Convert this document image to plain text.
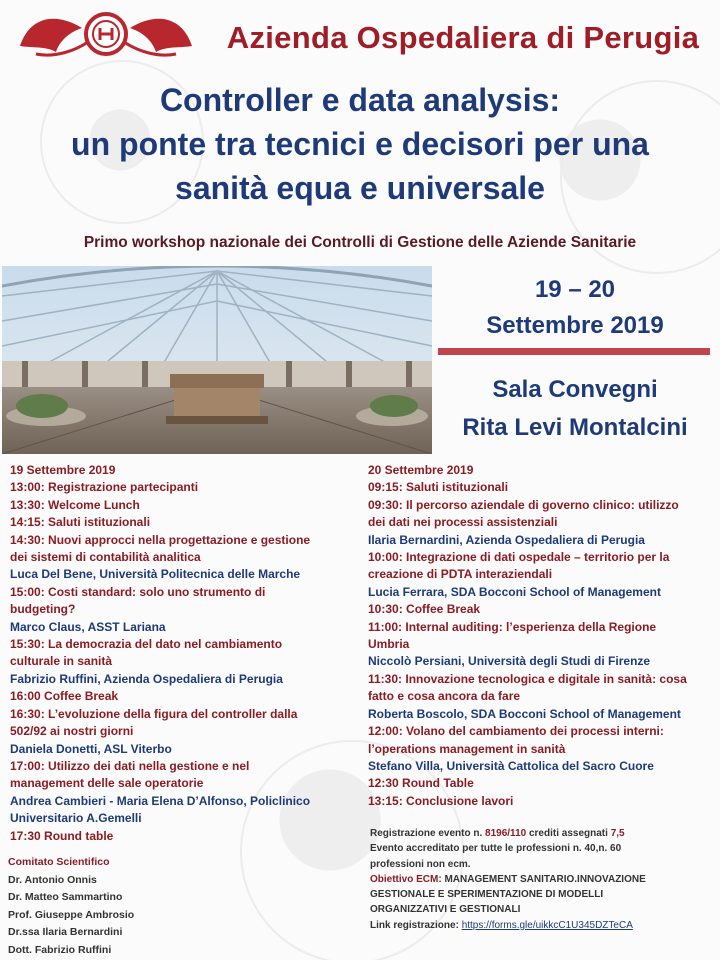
Azienda Ospedaliera di Perugia
Controller e data analysis:
un ponte tra tecnici e decisori per una
sanità equa e universale
Primo workshop nazionale dei Controlli di Gestione delle Aziende Sanitarie
19 – 20
Settembre 2019
Sala Convegni
Rita Levi Montalcini
19 Settembre 2019
13:00: Registrazione partecipanti
13:30: Welcome Lunch
14:15: Saluti istituzionali
14:30: Nuovi approcci nella progettazione e gestione
dei sistemi di contabilità analitica
Luca Del Bene, Università Politecnica delle Marche
15:00: Costi standard: solo uno strumento di
budgeting?
Marco Claus, ASST Lariana
15:30: La democrazia del dato nel cambiamento
culturale in sanità
Fabrizio Ruffini, Azienda Ospedaliera di Perugia
16:00 Coffee Break
16:30: L’evoluzione della figura del controller dalla
502/92 ai nostri giorni
Daniela Donetti, ASL Viterbo
17:00: Utilizzo dei dati nella gestione e nel
management delle sale operatorie
Andrea Cambieri - Maria Elena D’Alfonso, Policlinico
Universitario A.Gemelli
17:30 Round table
20 Settembre 2019
09:15: Saluti istituzionali
09:30: Il percorso aziendale di governo clinico: utilizzo
dei dati nei processi assistenziali
Ilaria Bernardini, Azienda Ospedaliera di Perugia
10:00: Integrazione di dati ospedale – territorio per la
creazione di PDTA interaziendali
Lucia Ferrara, SDA Bocconi School of Management
10:30: Coffee Break
11:00: Internal auditing: l’esperienza della Regione
Umbria
Niccolò Persiani, Università degli Studi di Firenze
11:30: Innovazione tecnologica e digitale in sanità: cosa
fatto e cosa ancora da fare
Roberta Boscolo, SDA Bocconi School of Management
12:00: Volano del cambiamento dei processi interni:
l’operations management in sanità
Stefano Villa, Università Cattolica del Sacro Cuore
12:30 Round Table
13:15: Conclusione lavori
Comitato Scientifico
Dr. Antonio Onnis
Dr. Matteo Sammartino
Prof. Giuseppe Ambrosio
Dr.ssa Ilaria Bernardini
Dott. Fabrizio Ruffini
Registrazione evento n. 8196/110 crediti assegnati 7,5
Evento accreditato per tutte le professioni n. 40,n. 60
professioni non ecm.
Obiettivo ECM: MANAGEMENT SANITARIO.INNOVAZIONE
GESTIONALE E SPERIMENTAZIONE DI MODELLI
ORGANIZZATIVI E GESTIONALI
Link registrazione: https://forms.gle/uikkcC1U345DZTeCA
